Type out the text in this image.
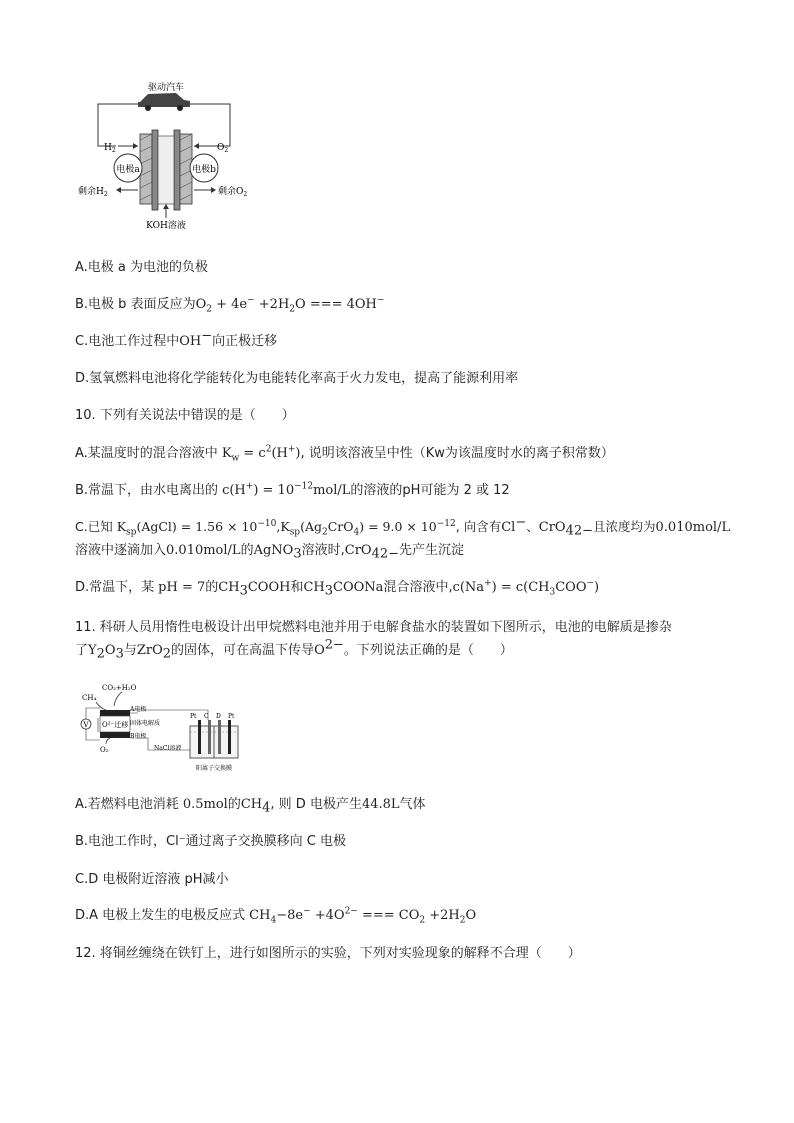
驱动汽车
电极a	电极b
$H_2$	$O_2$
剩余$H_2$	剩余$O_2$
KOH溶液
A.电极 a 为电池的负极
B.电极 b 表面反应为$O_2 + 4e^- +2H_2O$ === 4OH−
C.电池工作过程中OH−向正极迁移
D.氢氧燃料电池将化学能转化为电能转化率高于火力发电，提高了能源利用率
10. 下列有关说法中错误的是（　　）
A.某温度时的混合溶液中 $K_w = c^2(H^+)$, 说明该溶液呈中性（Kw为该温度时水的离子积常数）
B.常温下，由水电离出的 $c(H^+) = 10^{-12}mol/L$的溶液的pH可能为 2 或 12
C.已知 $K_{sp}(AgCl) = 1.56 \times 10^{-10},K_{sp}(Ag_2CrO_4) = 9.0 \times 10^{-12}$, 向含有Cl−、CrO$_{42-}$且浓度均为0.010mol/L
溶液中逐滴加入0.010mol/L的AgNO$_3$溶液时,CrO$_{42-}$先产生沉淀
D.常温下，某 pH = 7的$CH_3COOH$和$CH_3COONa$混合溶液中$,c(Na^+) = c(CH_3COO^-)$
11. 科研人员用惰性电极设计出甲烷燃料电池并用于电解食盐水的装置如下图所示，电池的电解质是掺杂
了$Y_2O_3$与ZrO$_2$的固体，可在高温下传导$O^{2-}$。下列说法正确的是（　　）
CH₄
CO₂+H₂O
O²⁻迁移
A电极
固体电解质
B电极
O₂
V
Pt C D Pt
NaCl溶液
阳离子交换膜
A.若燃料电池消耗 0.5mol的$CH_4$, 则 D 电极产生44.8L气体
B.电池工作时，Cl⁻通过离子交换膜移向 C 电极
C.D 电极附近溶液 pH减小
D.A 电极上发生的电极反应式 $CH_4-8e^- +4O^{2-}$ === $CO_2 +2H_2O$
12. 将铜丝缠绕在铁钉上，进行如图所示的实验，下列对实验现象的解释不合理（　　）
